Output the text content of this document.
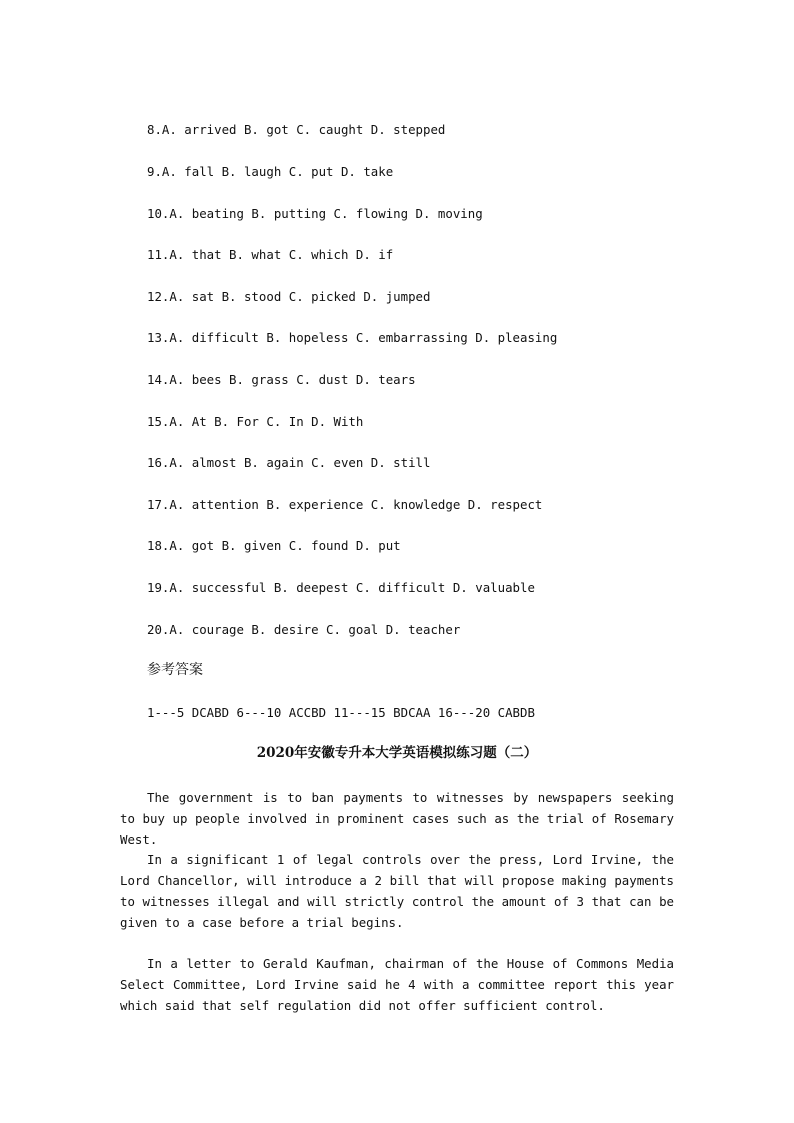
8.A. arrived B. got C. caught D. stepped
9.A. fall B. laugh C. put D. take
10.A. beating B. putting C. flowing D. moving
11.A. that B. what C. which D. if
12.A. sat B. stood C. picked D. jumped
13.A. difficult B. hopeless C. embarrassing D. pleasing
14.A. bees B. grass C. dust D. tears
15.A. At B. For C. In D. With
16.A. almost B. again C. even D. still
17.A. attention B. experience C. knowledge D. respect
18.A. got B. given C. found D. put
19.A. successful B. deepest C. difficult D. valuable
20.A. courage B. desire C. goal D. teacher
参考答案
1---5 DCABD 6---10 ACCBD 11---15 BDCAA 16---20 CABDB
2020年安徽专升本大学英语模拟练习题（二）

The government is to ban payments to witnesses by newspapers seeking to buy up people involved in prominent cases such as the trial of Rosemary West.

In a significant 1 of legal controls over the press, Lord Irvine, the Lord Chancellor, will introduce a 2 bill that will propose making payments to witnesses illegal and will strictly control the amount of 3 that can be given to a case before a trial begins.

In a letter to Gerald Kaufman, chairman of the House of Commons Media Select Committee, Lord Irvine said he 4 with a committee report this year which said that self regulation did not offer sufficient control.
